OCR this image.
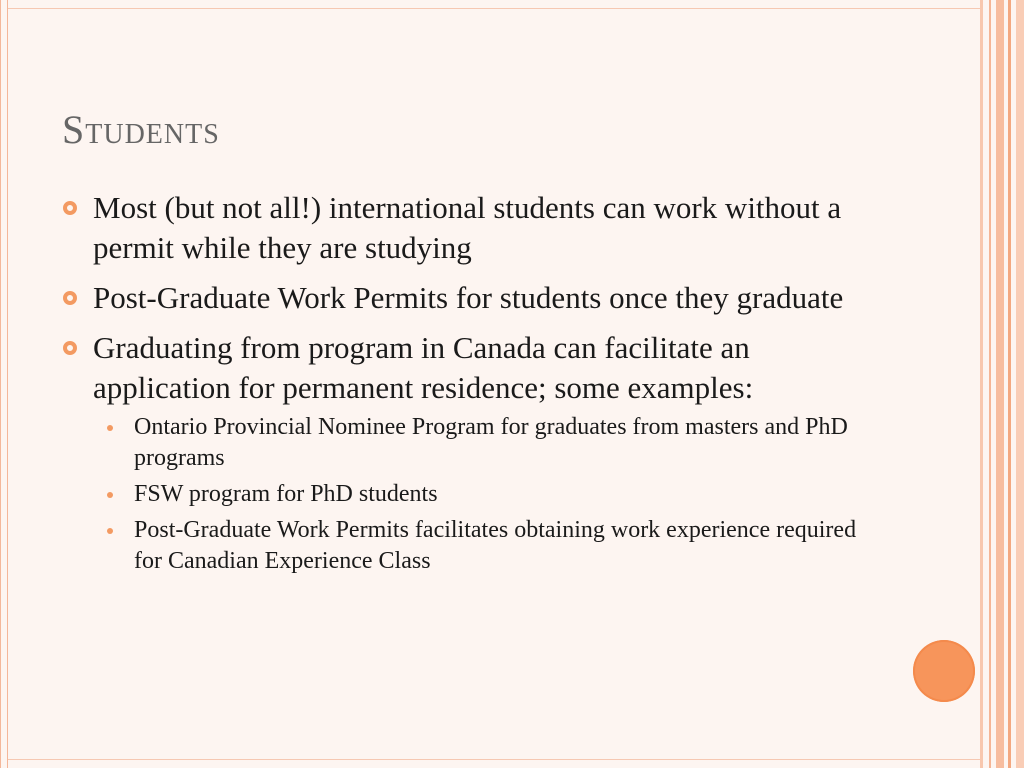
Students
Most (but not all!) international students can work without a permit while they are studying
Post-Graduate Work Permits for students once they graduate
Graduating from program in Canada can facilitate an application for permanent residence; some examples:
Ontario Provincial Nominee Program for graduates from masters and PhD programs
FSW program for PhD students
Post-Graduate Work Permits facilitates obtaining work experience required for Canadian Experience Class
